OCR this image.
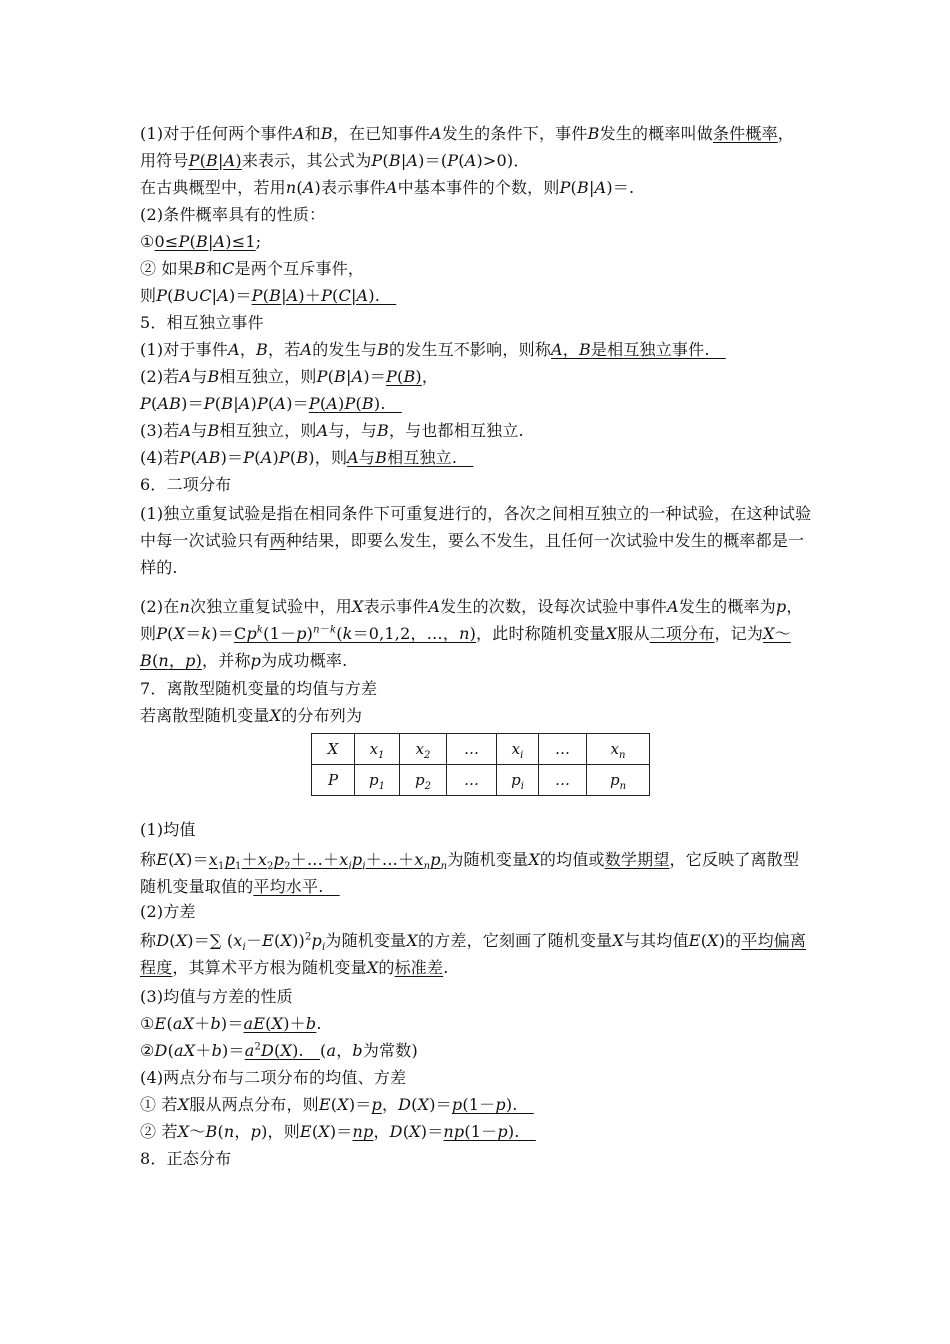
(1)对于任何两个事件A和B，在已知事件A发生的条件下，事件B发生的概率叫做条件概率，
用符号P(B|A)来表示，其公式为P(B|A)＝(P(A)>0)．
在古典概型中，若用n(A)表示事件A中基本事件的个数，则P(B|A)＝.
(2)条件概率具有的性质：
①0≤P(B|A)≤1;
② 如果B和C是两个互斥事件，
则P(B∪C|A)＝P(B|A)＋P(C|A).　
5．相互独立事件
(1)对于事件A，B，若A的发生与B的发生互不影响，则称A，B是相互独立事件.　
(2)若A与B相互独立，则P(B|A)＝P(B)，
P(AB)＝P(B|A)P(A)＝P(A)P(B).　
(3)若A与B相互独立，则A与，与B，与也都相互独立.
(4)若P(AB)＝P(A)P(B)，则A与B相互独立.　
6．二项分布
(1)独立重复试验是指在相同条件下可重复进行的，各次之间相互独立的一种试验，在这种试验中每一次试验只有两种结果，即要么发生，要么不发生，且任何一次试验中发生的概率都是一样的.
(2)在n次独立重复试验中，用X表示事件A发生的次数，设每次试验中事件A发生的概率为p，则$P(X=k)=Cp^k(1-p)^{n-k}(k=0,1,2$，…，n)，此时称随机变量X服从二项分布，记为X～B(n，p)，并称p为成功概率.
7．离散型随机变量的均值与方差
若离散型随机变量X的分布列为
X	$x_1$	$x_2$	…	$x_i$	…	$x_n$
P	$p_1$	$p_2$	…	$p_i$	…	$p_n$
(1)均值
称$E(X)=x_1p_1+x_2p_2+\dots+x_ip_i+\dots+x_np_n$为随机变量X的均值或数学期望，它反映了离散型随机变量取值的平均水平.　
(2)方差
称D(X)＝∑ $(x_i-E(X))^2p_i$为随机变量X的方差，它刻画了随机变量X与其均值E(X)的平均偏离程度，其算术平方根为随机变量X的标准差.
(3)均值与方差的性质
①E(aX＋b)＝aE(X)＋b.
$②D(aX+b)=a^2D(X)$.　(a，b为常数)
(4)两点分布与二项分布的均值、方差
① 若X服从两点分布，则E(X)＝p，D(X)＝p(1－p).　
② 若X～B(n，p)，则E(X)＝np，D(X)＝np(1－p).　
8．正态分布
